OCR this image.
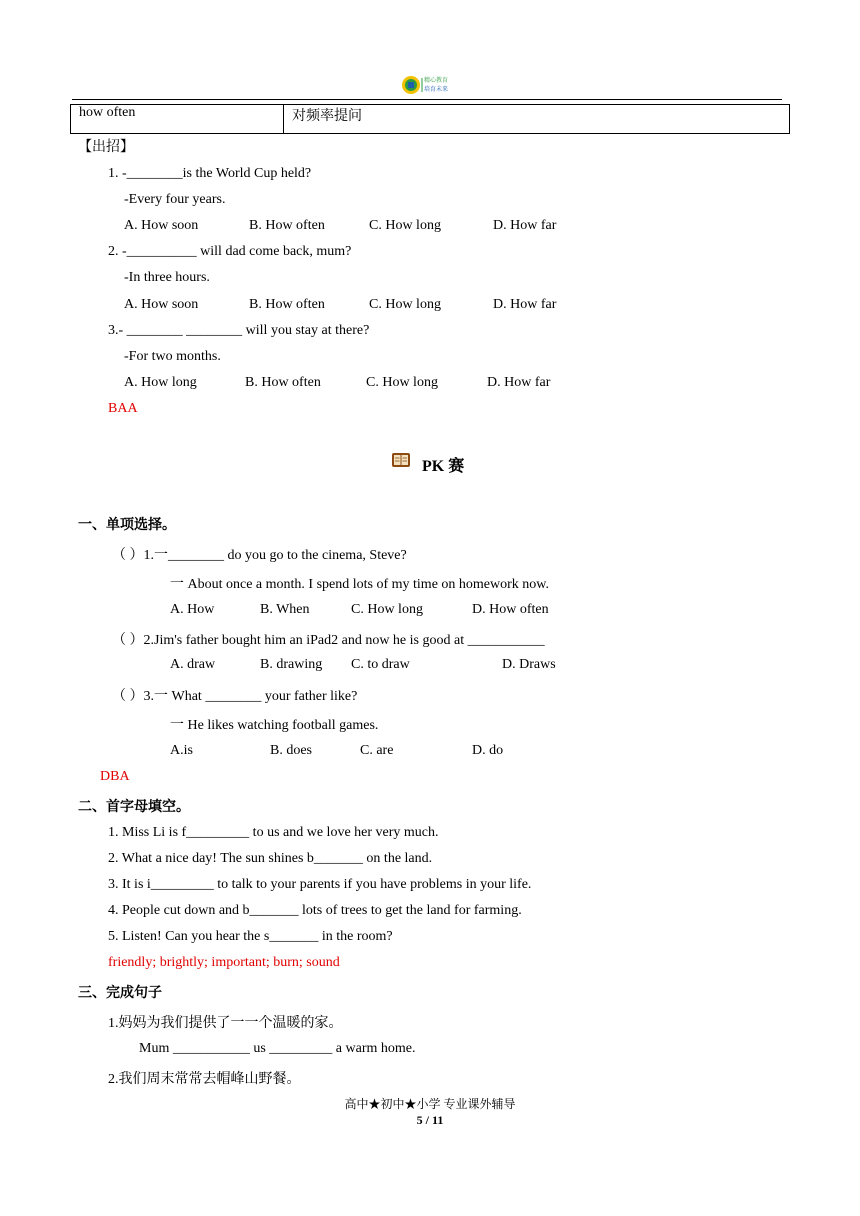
精心教育
培育未来
how often	对频率提问
【出招】
1. -________is the World Cup held?
-Every four years.
A. How soon	B. How often	C. How long	D. How far
2. -__________ will dad come back, mum?
-In three hours.
A. How soon	B. How often	C. How long	D. How far
3.- ________ ________ will you stay at there?
-For two months.
A. How long	B. How often	C. How long	D. How far
BAA
PK 赛
一、单项选择。
（ ）1.一________ do you go to the cinema, Steve?
一 About once a month. I spend lots of my time on homework now.
A. How	B. When	C. How long	D. How often
（ ）2.Jim's father bought him an iPad2 and now he is good at ___________
A. draw	B. drawing C. to draw	D. Draws
（ ）3.一 What ________ your father like?
一 He likes watching football games.
A.is	B. does	C. are	D. do
DBA
二、首字母填空。
1. Miss Li is f_________ to us and we love her very much.
2. What a nice day! The sun shines b_______ on the land.
3. It is i_________ to talk to your parents if you have problems in your life.
4. People cut down and b_______ lots of trees to get the land for farming.
5. Listen! Can you hear the s_______ in the room?
friendly; brightly; important; burn; sound
三、完成句子
1.妈妈为我们提供了一一个温暖的家。
Mum ___________ us _________ a warm home.
2.我们周末常常去帽峰山野餐。
高中★初中★小学 专业课外辅导
5 / 11
